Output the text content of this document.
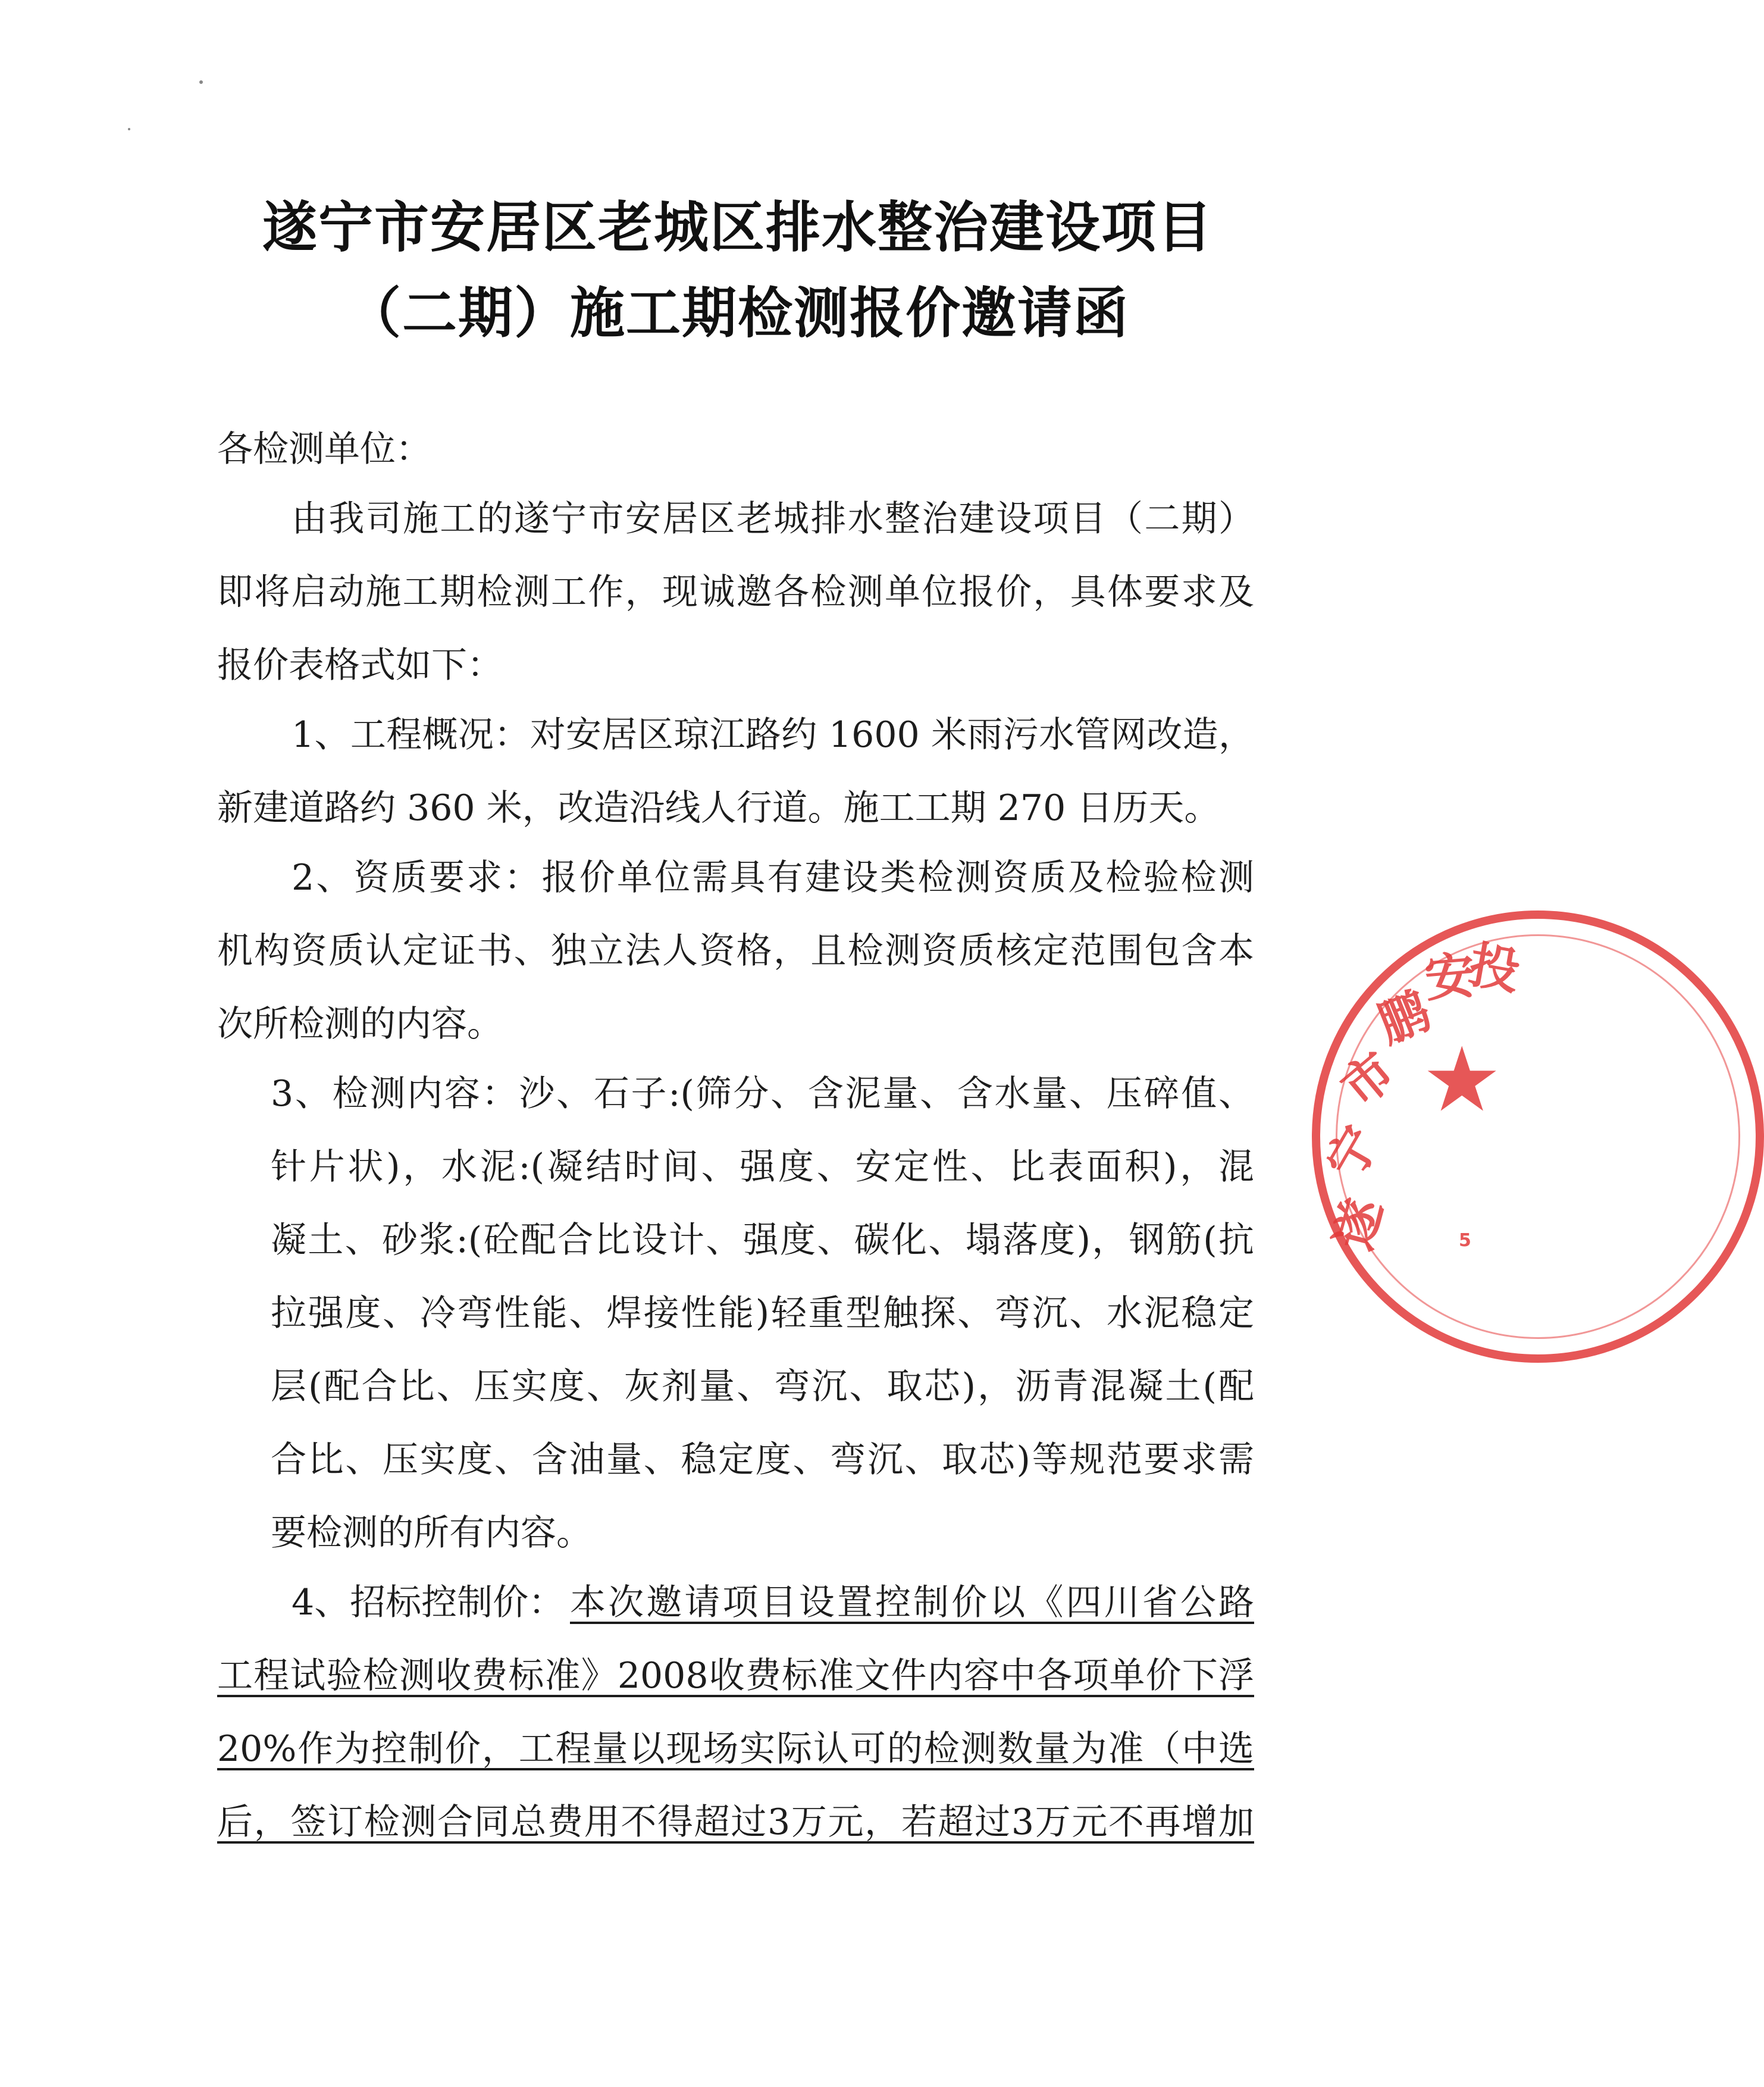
遂宁市安居区老城区排水整治建设项目
（二期）施工期检测报价邀请函
各检测单位：
由我司施工的遂宁市安居区老城排水整治建设项目（二期）
即将启动施工期检测工作，现诚邀各检测单位报价，具体要求及
报价表格式如下：
1、工程概况：对安居区琼江路约 1600 米雨污水管网改造，
新建道路约 360 米，改造沿线人行道。施工工期 270 日历天。
2、资质要求：报价单位需具有建设类检测资质及检验检测
机构资质认定证书、独立法人资格，且检测资质核定范围包含本
次所检测的内容。
3、检测内容：沙、石子:(筛分、含泥量、含水量、压碎值、
针片状)，水泥:(凝结时间、强度、安定性、比表面积)，混
凝土、砂浆:(砼配合比设计、强度、碳化、塌落度)，钢筋(抗
拉强度、冷弯性能、焊接性能)轻重型触探、弯沉、水泥稳定
层(配合比、压实度、灰剂量、弯沉、取芯)，沥青混凝土(配
合比、压实度、含油量、稳定度、弯沉、取芯)等规范要求需
要检测的所有内容。
4、招标控制价： 本次邀请项目设置控制价以《四川省公路
工程试验检测收费标准》2008收费标准文件内容中各项单价下浮
20%作为控制价，工程量以现场实际认可的检测数量为准（中选
后，签订检测合同总费用不得超过3万元，若超过3万元不再增加
遂
宁
市
鹏
安
投
5
★
